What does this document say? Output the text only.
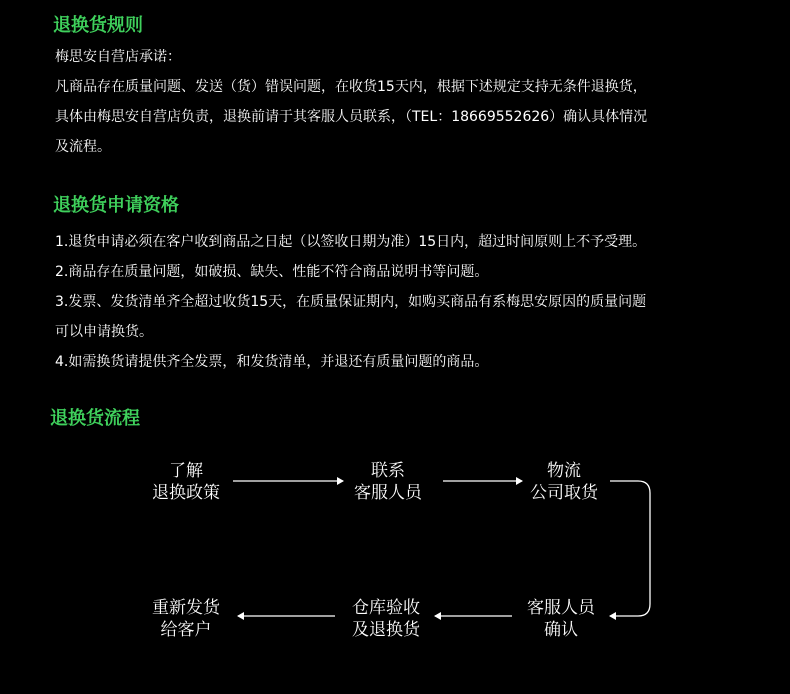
退换货规则
梅思安自营店承诺：
凡商品存在质量问题、发送（货）错误问题，在收货15天内，根据下述规定支持无条件退换货，
具体由梅思安自营店负责，退换前请于其客服人员联系，（TEL：18669552626）确认具体情况
及流程。
退换货申请资格
1.退货申请必须在客户收到商品之日起（以签收日期为准）15日内，超过时间原则上不予受理。
2.商品存在质量问题，如破损、缺失、性能不符合商品说明书等问题。
3.发票、发货清单齐全超过收货15天，在质量保证期内，如购买商品有系梅思安原因的质量问题
可以申请换货。
4.如需换货请提供齐全发票，和发货清单，并退还有质量问题的商品。
退换货流程
了解
退换政策
联系
客服人员
物流
公司取货
客服人员
确认
仓库验收
及退换货
重新发货
给客户
